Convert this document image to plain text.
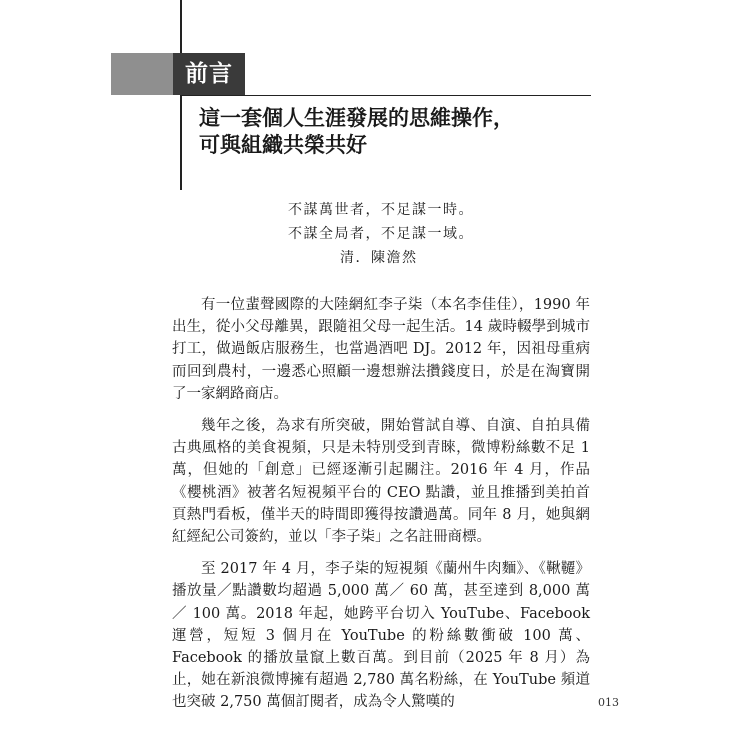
前言
這一套個人生涯發展的思維操作，
可與組織共榮共好
不謀萬世者，不足謀一時。
不謀全局者，不足謀一域。
清．陳澹然

有一位蜚聲國際的大陸網紅李子柒（本名李佳佳），1990 年出生，從小父母離異，跟隨祖父母一起生活。14 歲時輟學到城市打工，做過飯店服務生，也當過酒吧 DJ。2012 年，因祖母重病而回到農村，一邊悉心照顧一邊想辦法攢錢度日，於是在淘寶開了一家網路商店。

幾年之後，為求有所突破，開始嘗試自導、自演、自拍具備古典風格的美食視頻，只是未特別受到青睞，微博粉絲數不足 1 萬，但她的「創意」已經逐漸引起關注。2016 年 4 月，作品《櫻桃酒》被著名短視頻平台的 CEO 點讚，並且推播到美拍首頁熱門看板，僅半天的時間即獲得按讚過萬。同年 8 月，她與網紅經紀公司簽約，並以「李子柒」之名註冊商標。

至 2017 年 4 月，李子柒的短視頻《蘭州牛肉麵》、《鞦韆》播放量／點讚數均超過 5,000 萬／ 60 萬，甚至達到 8,000 萬／ 100 萬。2018 年起，她跨平台切入 YouTube、Facebook 運營，短短 3 個月在 YouTube 的粉絲數衝破 100 萬、Facebook 的播放量竄上數百萬。到目前（2025 年 8 月）為止，她在新浪微博擁有超過 2,780 萬名粉絲，在 YouTube 頻道也突破 2,750 萬個訂閱者，成為令人驚嘆的	013
